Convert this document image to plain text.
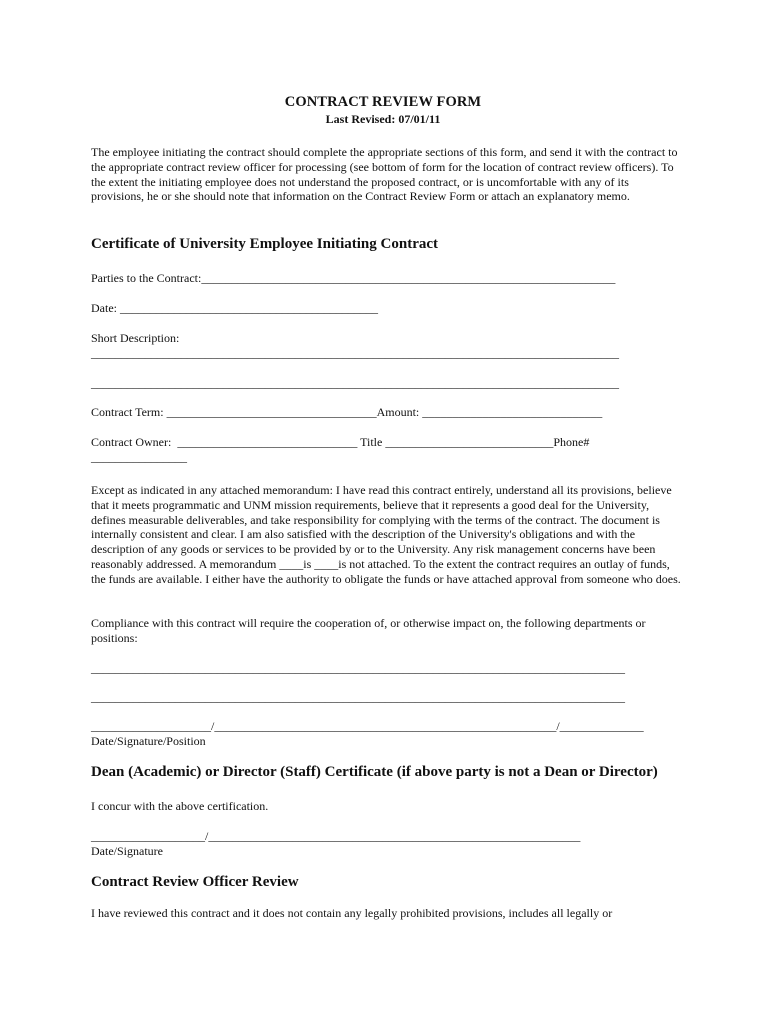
CONTRACT REVIEW FORM
Last Revised: 07/01/11
The employee initiating the contract should complete the appropriate sections of this form, and send it with the contract to the appropriate contract review officer for processing (see bottom of form for the location of contract review officers). To the extent the initiating employee does not understand the proposed contract, or is uncomfortable with any of its provisions, he or she should note that information on the Contract Review Form or attach an explanatory memo.
Certificate of University Employee Initiating Contract
Parties to the Contract:_____________________________________________________________________
Date: ___________________________________________
Short Description:
________________________________________________________________________________________
________________________________________________________________________________________
Contract Term: ___________________________________Amount: ______________________________
Contract Owner: ______________________________ Title ____________________________Phone#
________________
Except as indicated in any attached memorandum: I have read this contract entirely, understand all its provisions, believe that it meets programmatic and UNM mission requirements, believe that it represents a good deal for the University, defines measurable deliverables, and take responsibility for complying with the terms of the contract. The document is internally consistent and clear. I am also satisfied with the description of the University's obligations and with the description of any goods or services to be provided by or to the University. Any risk management concerns have been reasonably addressed. A memorandum ____is ____is not attached. To the extent the contract requires an outlay of funds, the funds are available. I either have the authority to obligate the funds or have attached approval from someone who does.
Compliance with this contract will require the cooperation of, or otherwise impact on, the following departments or positions:
_________________________________________________________________________________________
_________________________________________________________________________________________
____________________/_________________________________________________________/______________
Date/Signature/Position
Dean (Academic) or Director (Staff) Certificate (if above party is not a Dean or Director)
I concur with the above certification.
___________________/______________________________________________________________
Date/Signature
Contract Review Officer Review
I have reviewed this contract and it does not contain any legally prohibited provisions, includes all legally or
